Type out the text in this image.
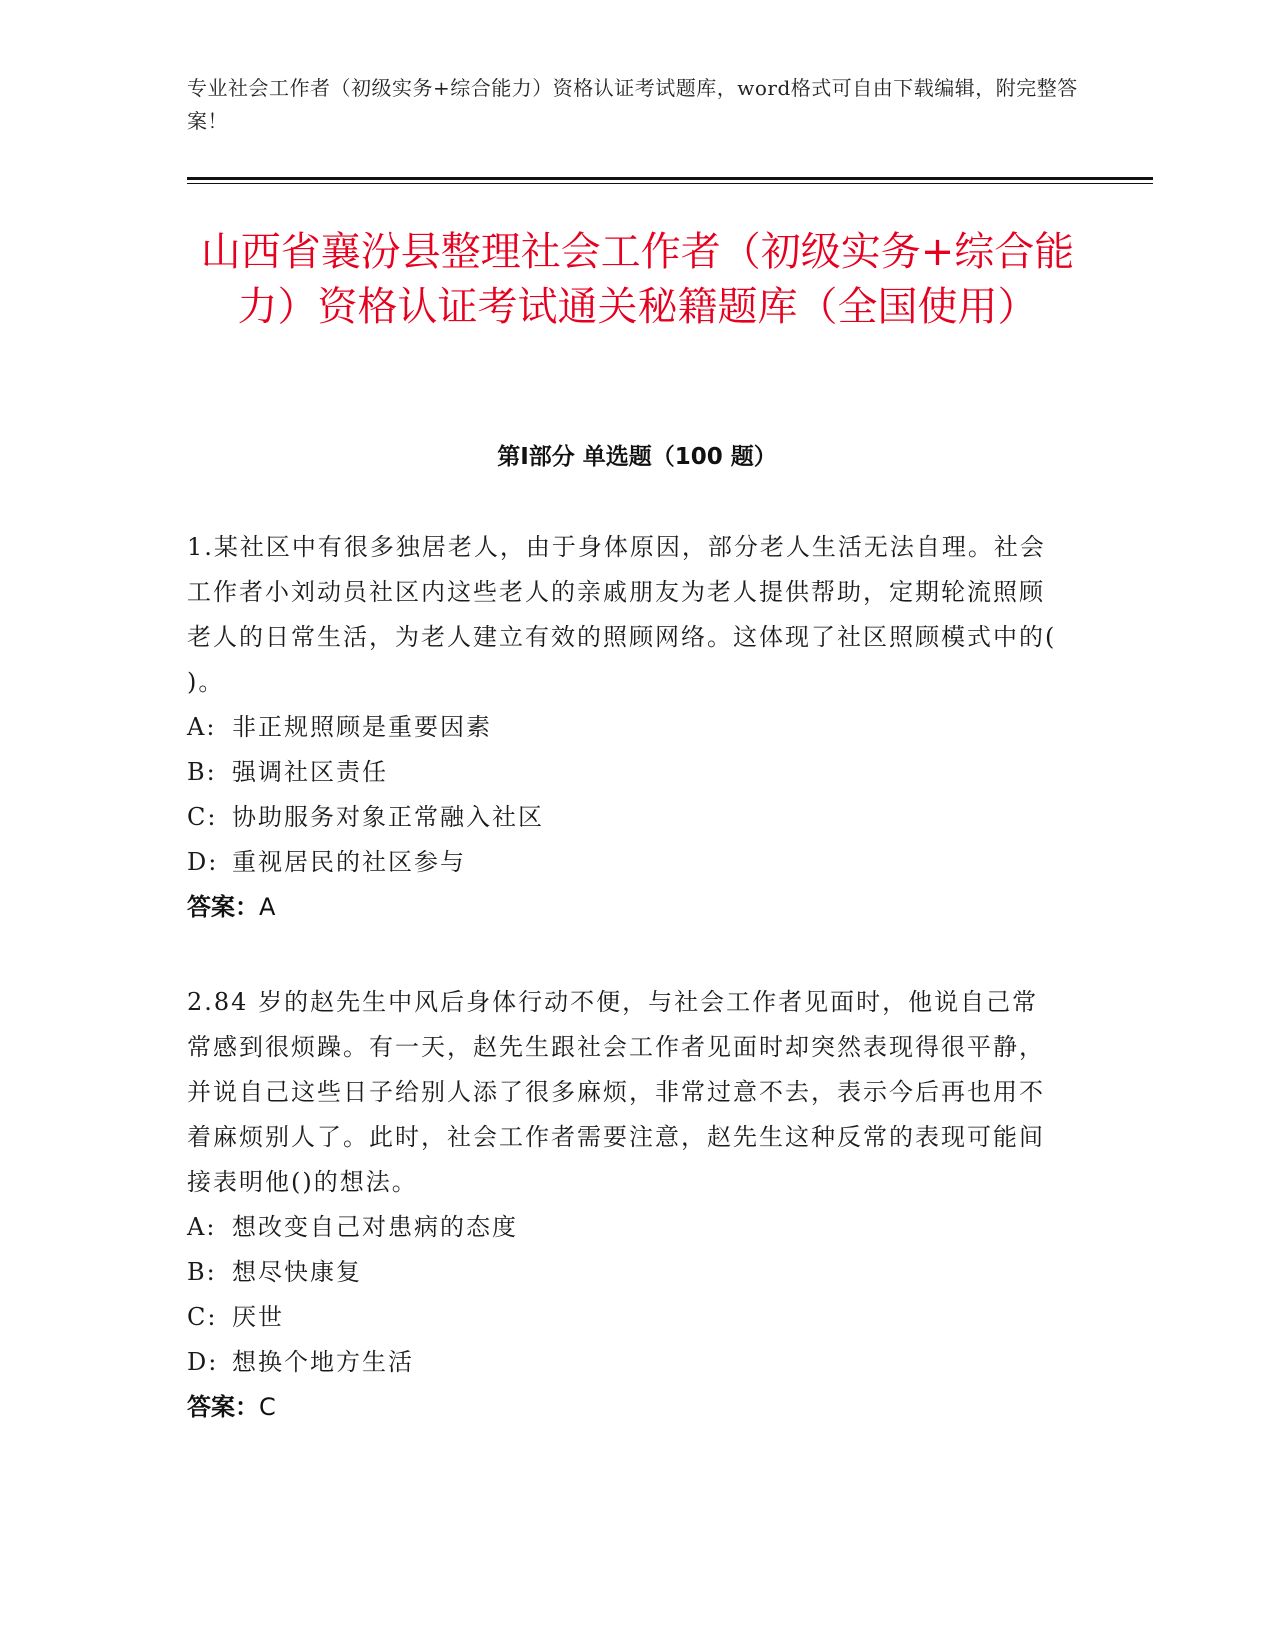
专业社会工作者（初级实务+综合能力）资格认证考试题库，word格式可自由下载编辑，附完整答案！
山西省襄汾县整理社会工作者（初级实务+综合能力）资格认证考试通关秘籍题库（全国使用）
第Ⅰ部分 单选题（100 题）
1.某社区中有很多独居老人，由于身体原因，部分老人生活无法自理。社会工作者小刘动员社区内这些老人的亲戚朋友为老人提供帮助，定期轮流照顾老人的日常生活，为老人建立有效的照顾网络。这体现了社区照顾模式中的( )。
A: 非正规照顾是重要因素
B: 强调社区责任
C: 协助服务对象正常融入社区
D: 重视居民的社区参与
答案：A
2.84 岁的赵先生中风后身体行动不便，与社会工作者见面时，他说自己常常感到很烦躁。有一天，赵先生跟社会工作者见面时却突然表现得很平静，并说自己这些日子给别人添了很多麻烦，非常过意不去，表示今后再也用不着麻烦别人了。此时，社会工作者需要注意，赵先生这种反常的表现可能间接表明他()的想法。
A: 想改变自己对患病的态度
B: 想尽快康复
C: 厌世
D: 想换个地方生活
答案：C
